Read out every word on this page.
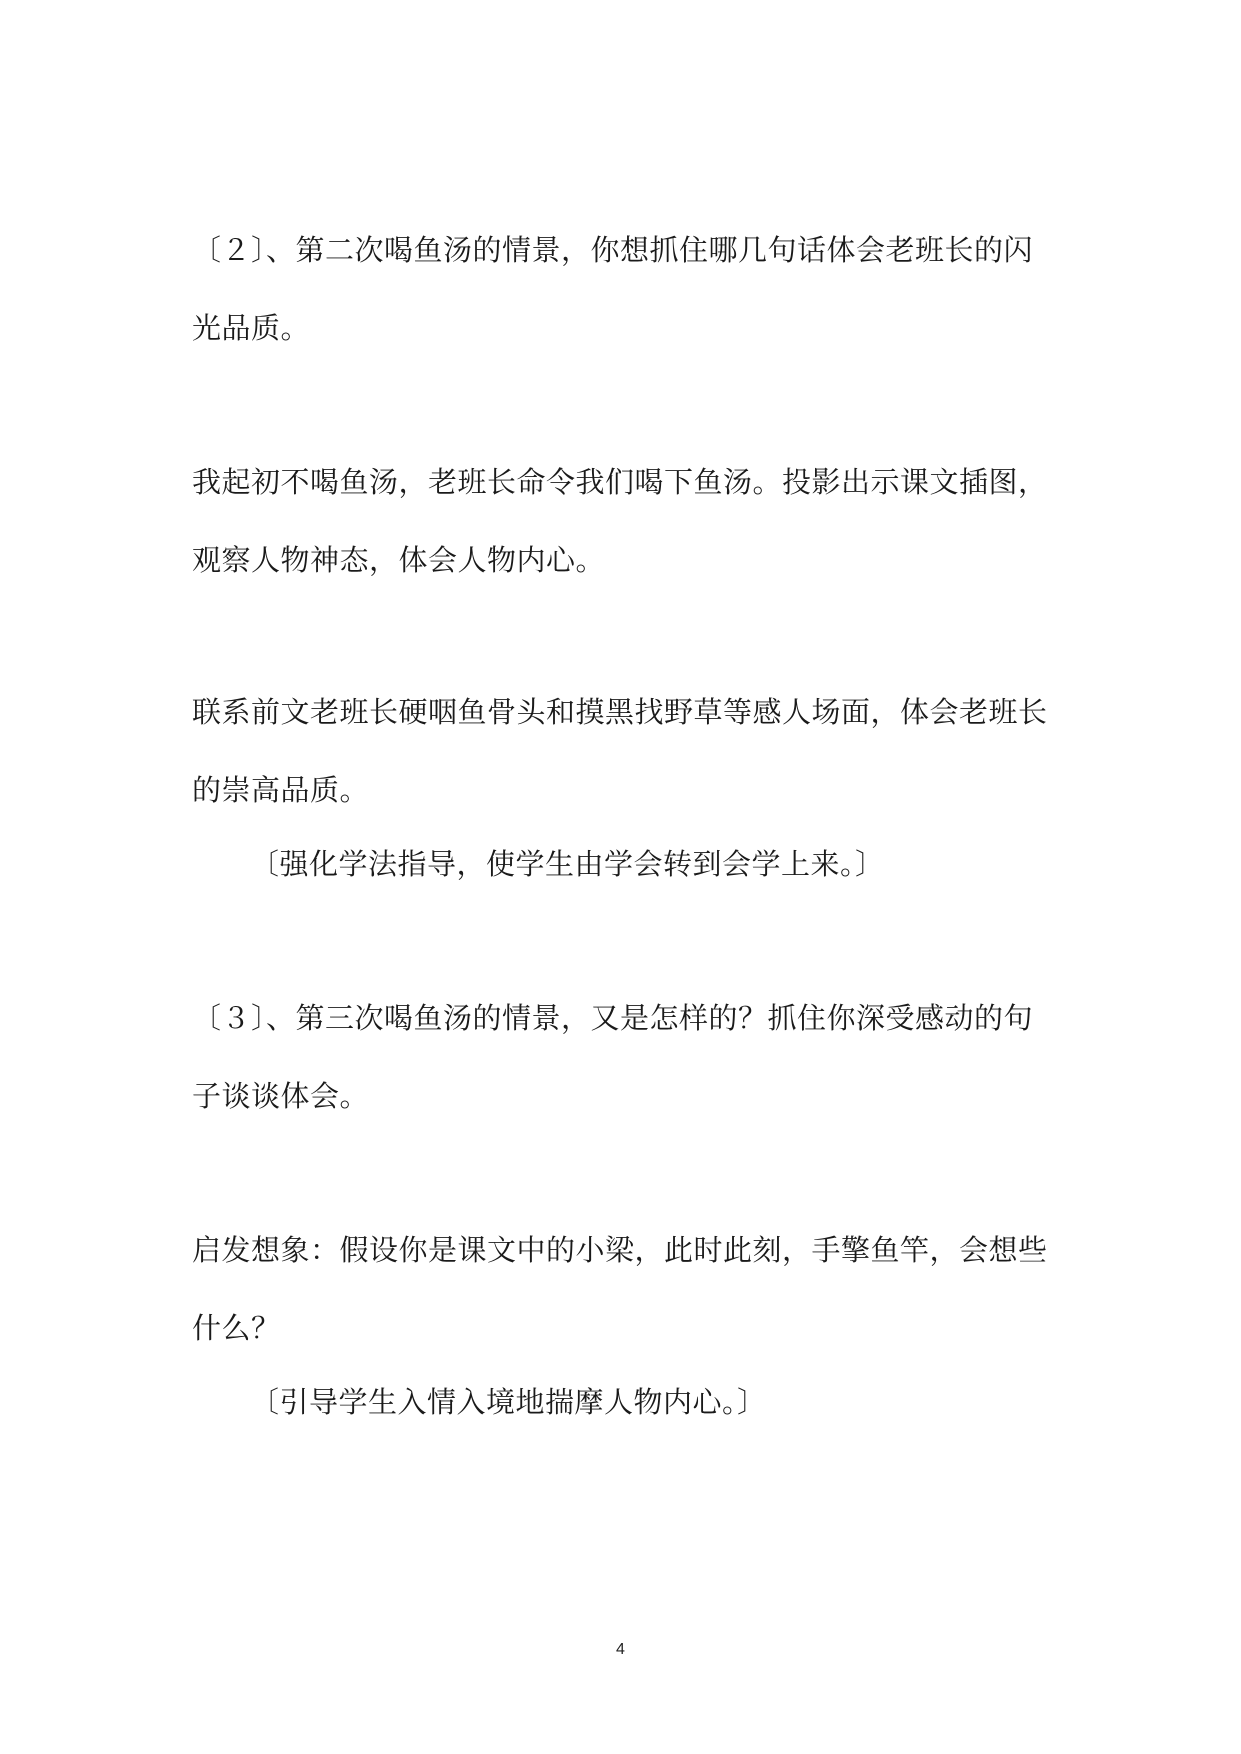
〔２〕、第二次喝鱼汤的情景，你想抓住哪几句话体会老班长的闪
光品质。
我起初不喝鱼汤，老班长命令我们喝下鱼汤。投影出示课文插图，
观察人物神态，体会人物内心。
联系前文老班长硬咽鱼骨头和摸黑找野草等感人场面，体会老班长
的崇高品质。
〔强化学法指导，使学生由学会转到会学上来。〕
〔３〕、第三次喝鱼汤的情景，又是怎样的？抓住你深受感动的句
子谈谈体会。
启发想象：假设你是课文中的小梁，此时此刻，手擎鱼竿，会想些
什么？
〔引导学生入情入境地揣摩人物内心。〕
4
